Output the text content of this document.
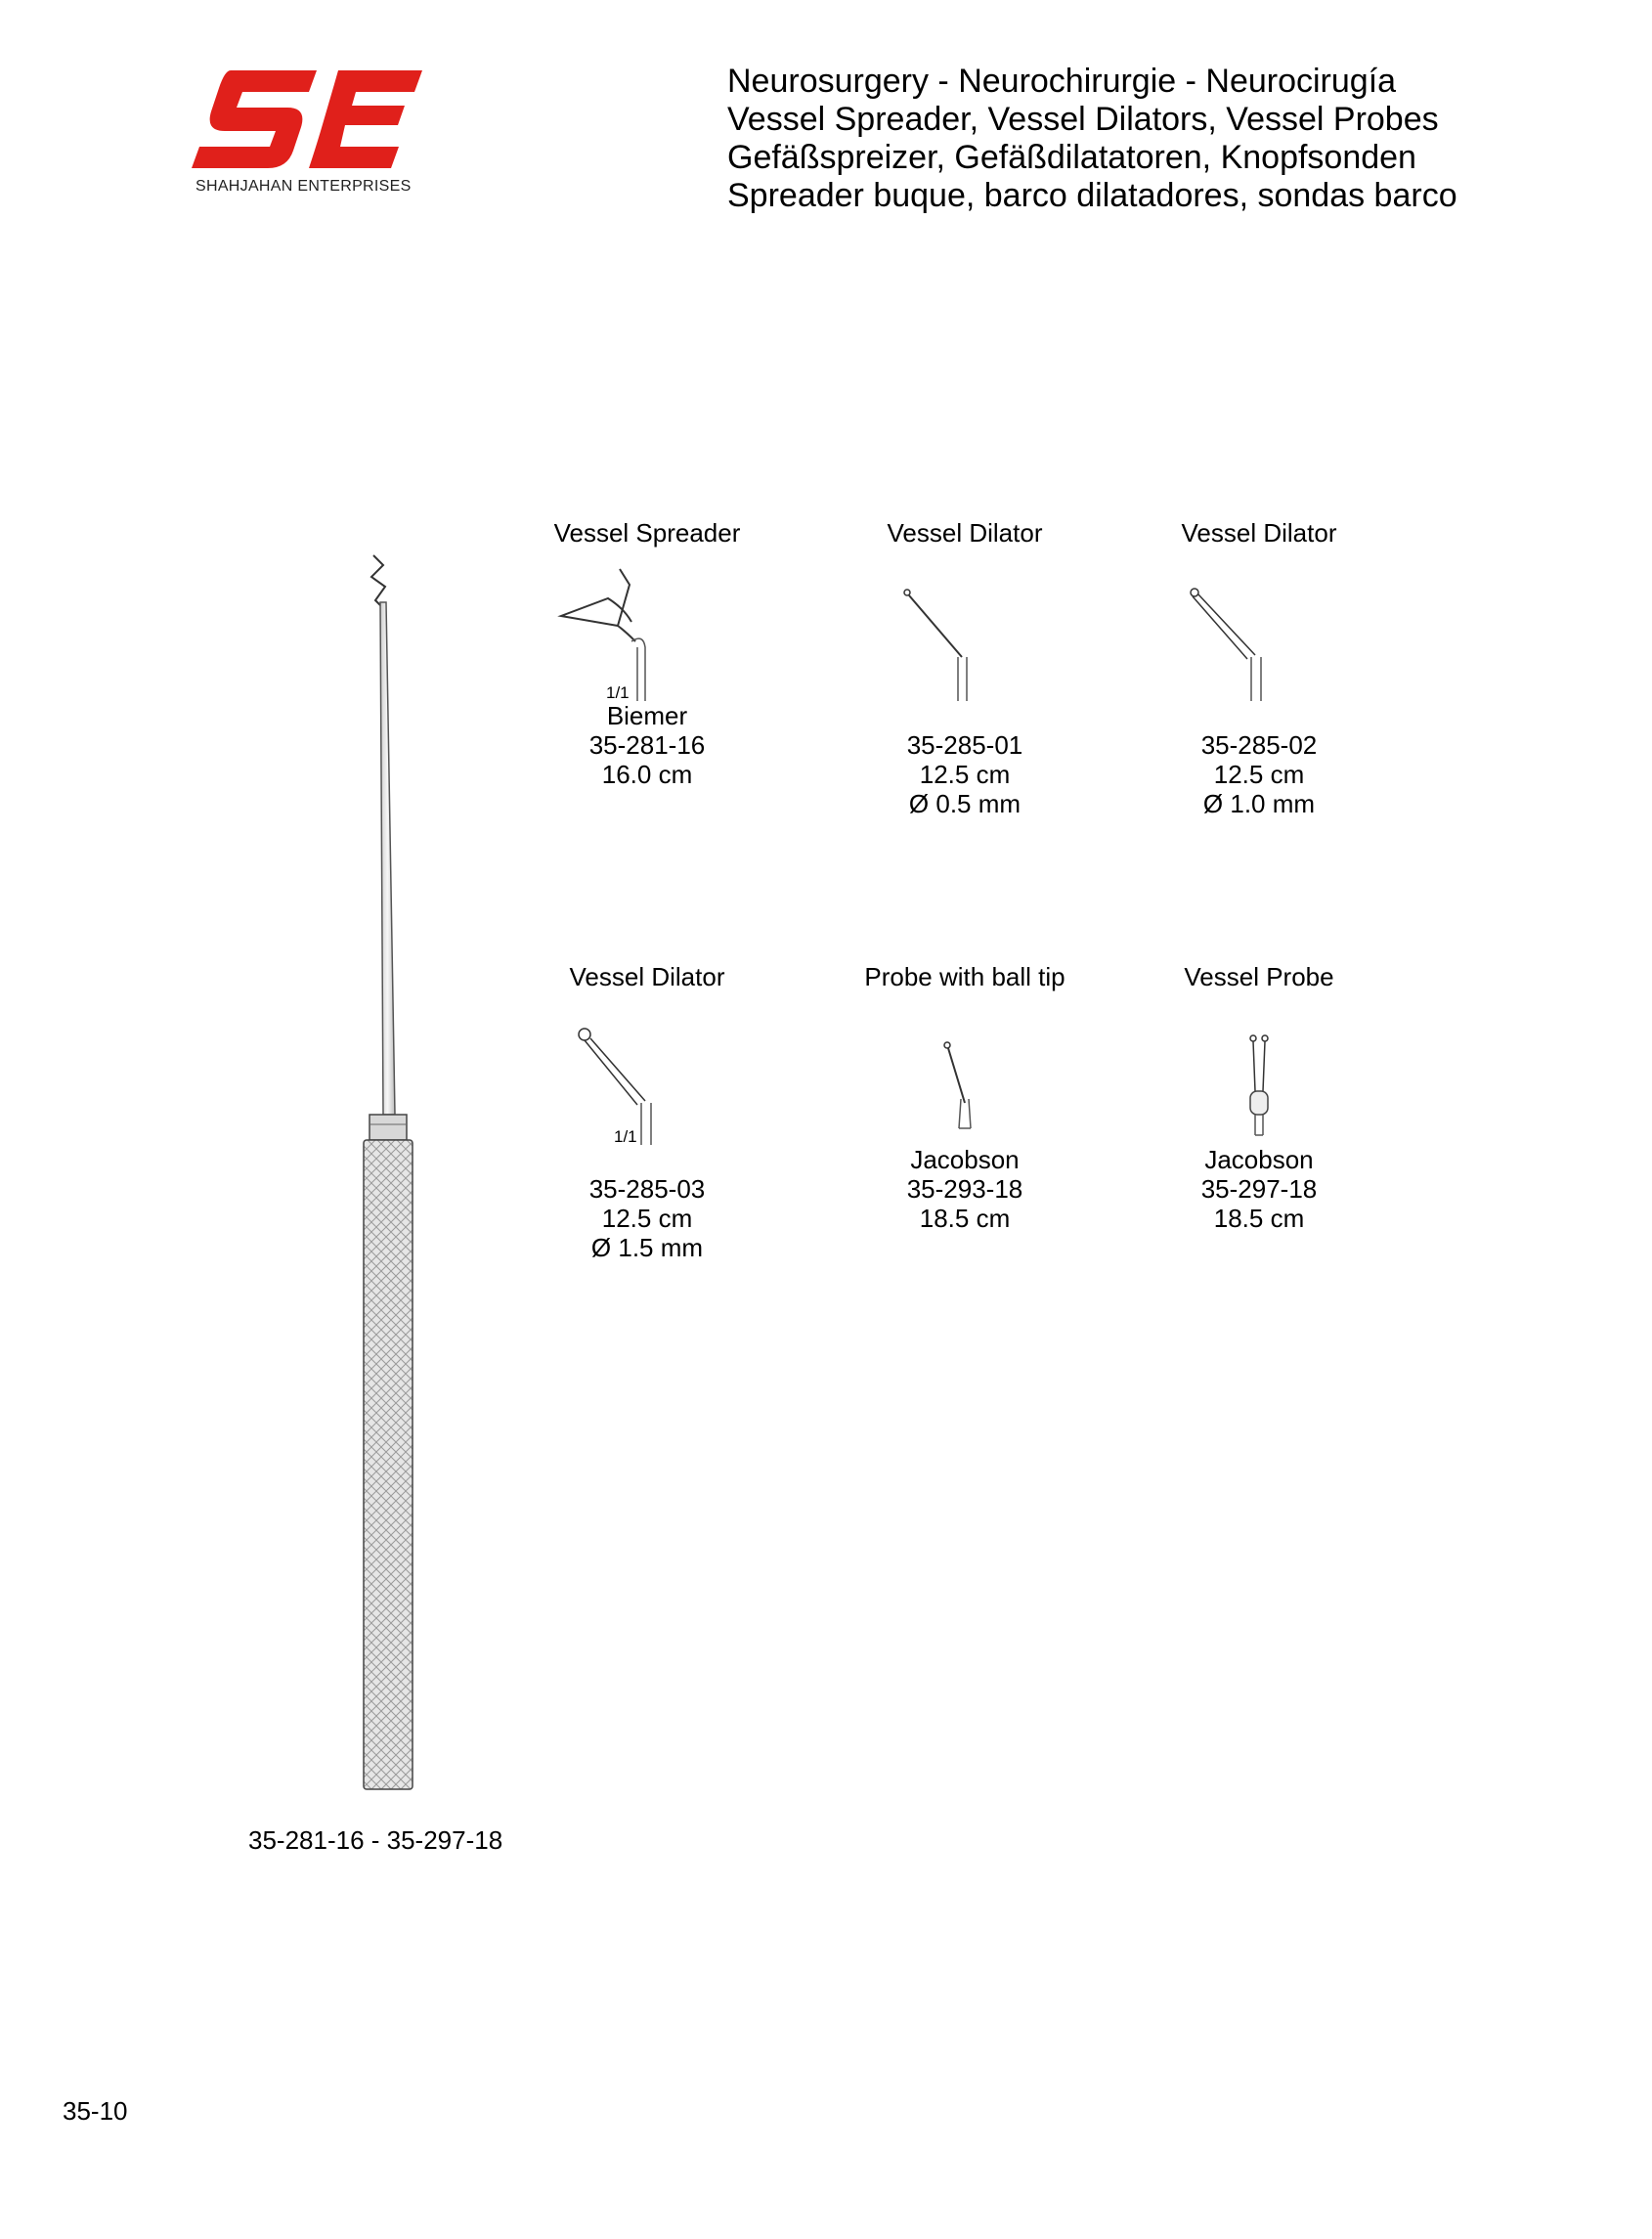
SHAHJAHAN ENTERPRISES
Neurosurgery - Neurochirurgie - Neurocirugía
Vessel Spreader, Vessel Dilators, Vessel Probes
Gefäßspreizer, Gefäßdilatatoren, Knopfsonden
Spreader buque, barco dilatadores, sondas barco
Vessel Spreader
1/1
Biemer
35-281-16
16.0 cm
Vessel Dilator

35-285-01
12.5 cm
Ø 0.5 mm
Vessel Dilator

35-285-02
12.5 cm
Ø 1.0 mm
Vessel Dilator
1/1

35-285-03
12.5 cm
Ø 1.5 mm
Probe with ball tip
Jacobson
35-293-18
18.5 cm
Vessel Probe
Jacobson
35-297-18
18.5 cm
35-281-16 - 35-297-18
35-10
